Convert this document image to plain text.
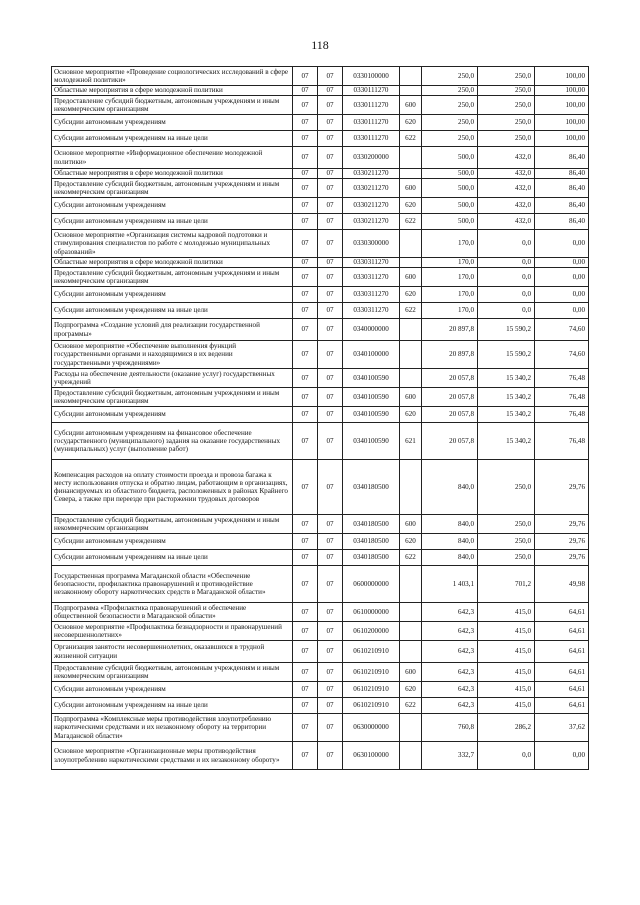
118
Основное мероприятие «Проведение социологических исследований в сфере молодежной политики»	07	07	0330100000		250,0	250,0	100,00
Областные мероприятия в сфере молодежной политики	07	07	0330111270		250,0	250,0	100,00
Предоставление субсидий бюджетным, автономным учреждениям и иным некоммерческим организациям	07	07	0330111270	600	250,0	250,0	100,00
Субсидии автономным учреждениям	07	07	0330111270	620	250,0	250,0	100,00
Субсидии автономным учреждениям на иные цели	07	07	0330111270	622	250,0	250,0	100,00
Основное мероприятие «Информационное обеспечение молодежной политики»	07	07	0330200000		500,0	432,0	86,40
Областные мероприятия в сфере молодежной политики	07	07	0330211270		500,0	432,0	86,40
Предоставление субсидий бюджетным, автономным учреждениям и иным некоммерческим организациям	07	07	0330211270	600	500,0	432,0	86,40
Субсидии автономным учреждениям	07	07	0330211270	620	500,0	432,0	86,40
Субсидии автономным учреждениям на иные цели	07	07	0330211270	622	500,0	432,0	86,40
Основное мероприятие «Организация системы кадровой подготовки и стимулирования специалистов по работе с молодежью муниципальных образований»	07	07	0330300000		170,0	0,0	0,00
Областные мероприятия в сфере молодежной политики	07	07	0330311270		170,0	0,0	0,00
Предоставление субсидий бюджетным, автономным учреждениям и иным некоммерческим организациям	07	07	0330311270	600	170,0	0,0	0,00
Субсидии автономным учреждениям	07	07	0330311270	620	170,0	0,0	0,00
Субсидии автономным учреждениям на иные цели	07	07	0330311270	622	170,0	0,0	0,00
Подпрограмма «Создание условий для реализации государственной программы»	07	07	0340000000		20 897,8	15 590,2	74,60
Основное мероприятие «Обеспечение выполнения функций государственными органами и находящимися в их ведении государственными учреждениями»	07	07	0340100000		20 897,8	15 590,2	74,60
Расходы на обеспечение деятельности (оказание услуг) государственных учреждений	07	07	0340100590		20 057,8	15 340,2	76,48
Предоставление субсидий бюджетным, автономным учреждениям и иным некоммерческим организациям	07	07	0340100590	600	20 057,8	15 340,2	76,48
Субсидии автономным учреждениям	07	07	0340100590	620	20 057,8	15 340,2	76,48
Субсидии автономным учреждениям на финансовое обеспечение государственного (муниципального) задания на оказание государственных (муниципальных) услуг (выполнение работ)	07	07	0340100590	621	20 057,8	15 340,2	76,48
Компенсация расходов на оплату стоимости проезда и провоза багажа к месту использования отпуска и обратно лицам, работающим в организациях, финансируемых из областного бюджета, расположенных в районах Крайнего Севера, а также при переезде при расторжении трудовых договоров	07	07	0340180500		840,0	250,0	29,76
Предоставление субсидий бюджетным, автономным учреждениям и иным некоммерческим организациям	07	07	0340180500	600	840,0	250,0	29,76
Субсидии автономным учреждениям	07	07	0340180500	620	840,0	250,0	29,76
Субсидии автономным учреждениям на иные цели	07	07	0340180500	622	840,0	250,0	29,76
Государственная программа Магаданской области «Обеспечение безопасности, профилактика правонарушений и противодействие незаконному обороту наркотических средств в Магаданской области»	07	07	0600000000		1 403,1	701,2	49,98
Подпрограмма «Профилактика правонарушений и обеспечение общественной безопасности в Магаданской области»	07	07	0610000000		642,3	415,0	64,61
Основное мероприятие «Профилактика безнадзорности и правонарушений несовершеннолетних»	07	07	0610200000		642,3	415,0	64,61
Организация занятости несовершеннолетних, оказавшихся в трудной жизненной ситуации	07	07	0610210910		642,3	415,0	64,61
Предоставление субсидий бюджетным, автономным учреждениям и иным некоммерческим организациям	07	07	0610210910	600	642,3	415,0	64,61
Субсидии автономным учреждениям	07	07	0610210910	620	642,3	415,0	64,61
Субсидии автономным учреждениям на иные цели	07	07	0610210910	622	642,3	415,0	64,61
Подпрограмма «Комплексные меры противодействия злоупотреблению наркотическими средствами и их незаконному обороту на территории Магаданской области»	07	07	0630000000		760,8	286,2	37,62
Основное мероприятие «Организационные меры противодействия злоупотреблению наркотическими средствами и их незаконному обороту»	07	07	0630100000		332,7	0,0	0,00
